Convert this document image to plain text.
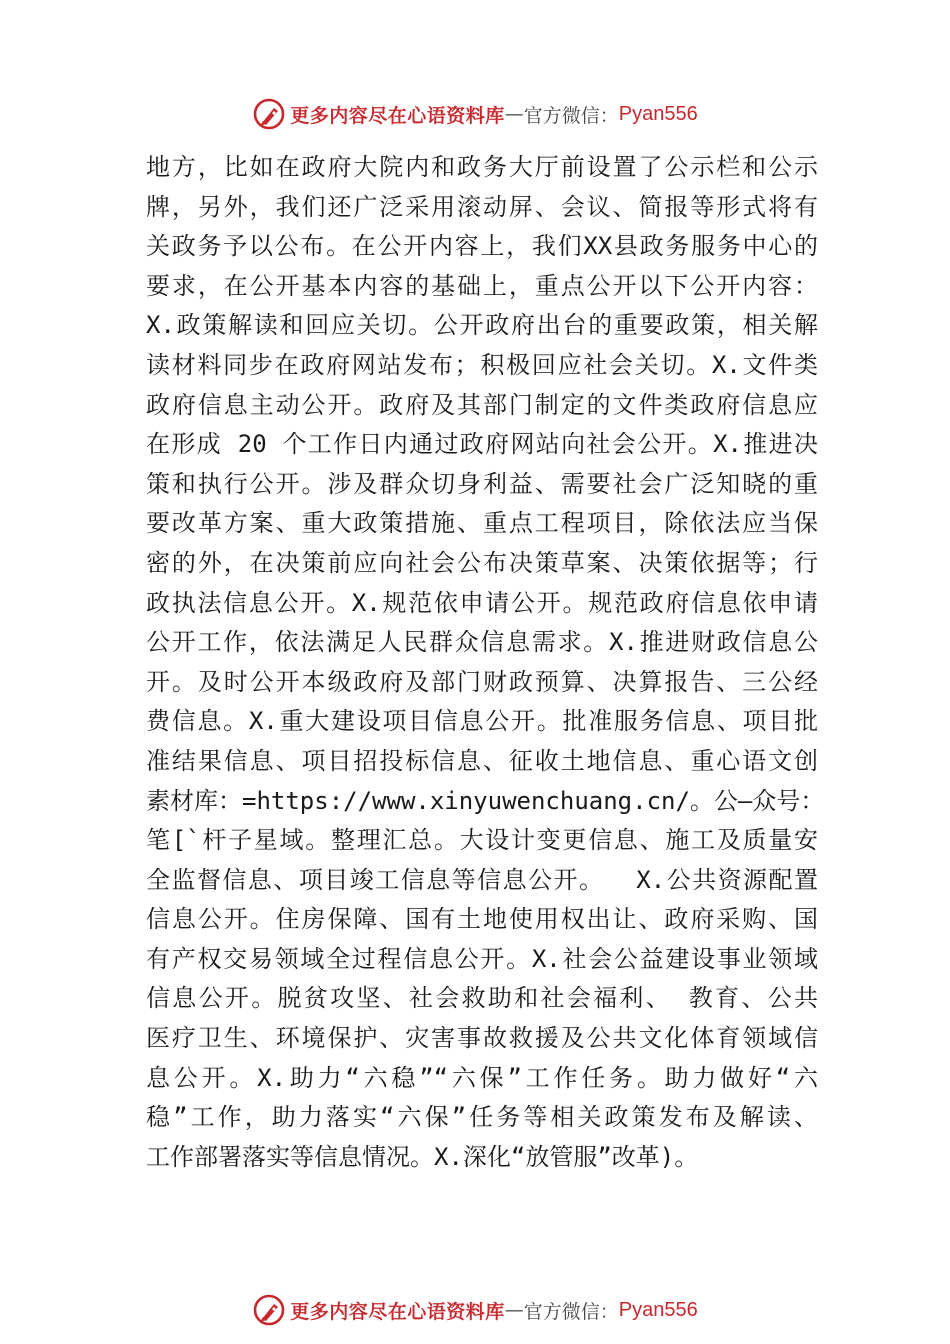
更多内容尽在心语资料库 — 官方微信： Pyan556
地方，比如在政府大院内和政务大厅前设置了公示栏和公示
牌，另外，我们还广泛采用滚动屏、会议、简报等形式将有
关政务予以公布。在公开内容上，我们XX县政务服务中心的
要求，在公开基本内容的基础上，重点公开以下公开内容：
X.政策解读和回应关切。公开政府出台的重要政策，相关解
读材料同步在政府网站发布；积极回应社会关切。X.文件类
政府信息主动公开。政府及其部门制定的文件类政府信息应
在形成 20 个工作日内通过政府网站向社会公开。X.推进决
策和执行公开。涉及群众切身利益、需要社会广泛知晓的重
要改革方案、重大政策措施、重点工程项目，除依法应当保
密的外，在决策前应向社会公布决策草案、决策依据等；行
政执法信息公开。X.规范依申请公开。规范政府信息依申请
公开工作，依法满足人民群众信息需求。X.推进财政信息公
开。及时公开本级政府及部门财政预算、决算报告、三公经
费信息。X.重大建设项目信息公开。批准服务信息、项目批
准结果信息、项目招投标信息、征收土地信息、重心语文创
素材库：=https://www.xinyuwenchuang.cn/。公—众号：
笔[`杆子星域。整理汇总。大设计变更信息、施工及质量安
全监督信息、项目竣工信息等信息公开。  X.公共资源配置
信息公开。住房保障、国有土地使用权出让、政府采购、国
有产权交易领域全过程信息公开。X.社会公益建设事业领域
信息公开。脱贫攻坚、社会救助和社会福利、 教育、公共
医疗卫生、环境保护、灾害事故救援及公共文化体育领域信
息公开。X.助力“六稳”“六保”工作任务。助力做好“六
稳”工作，助力落实“六保”任务等相关政策发布及解读、
工作部署落实等信息情况。X.深化“放管服”改革)。
更多内容尽在心语资料库 — 官方微信： Pyan556
